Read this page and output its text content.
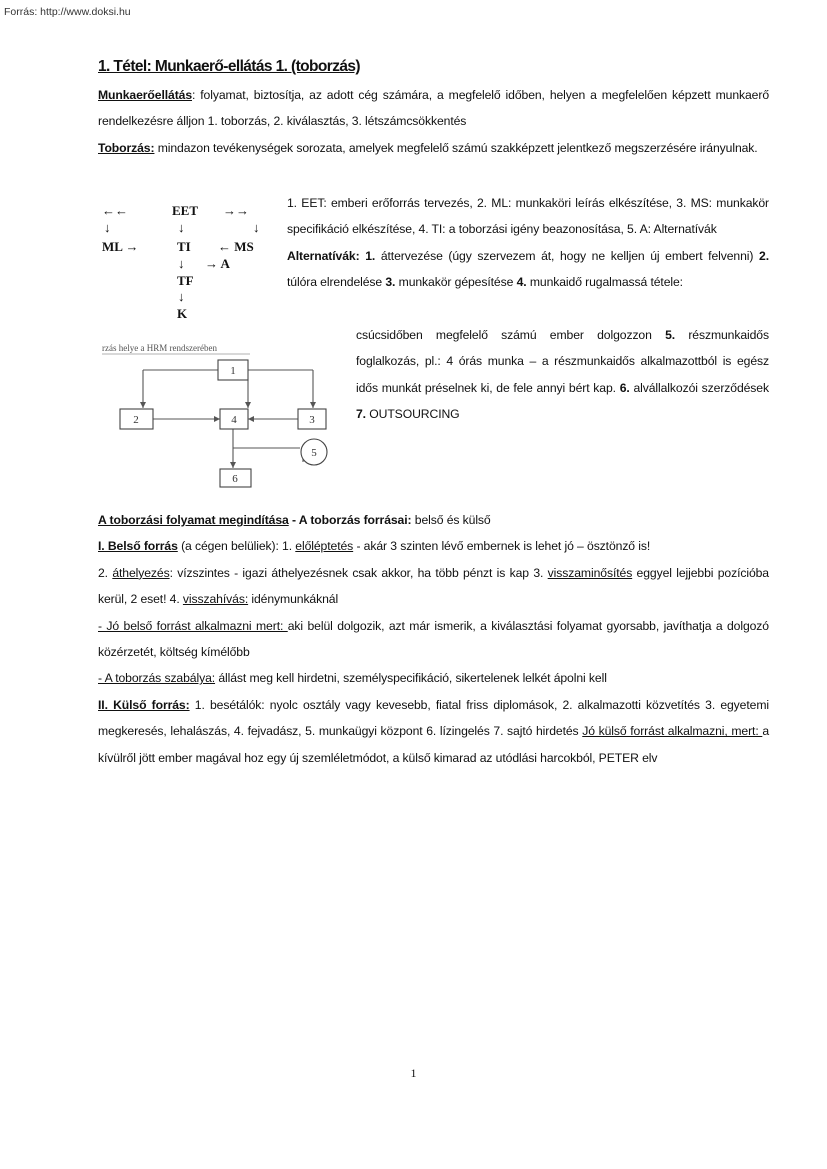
Forrás: http://www.doksi.hu
1. Tétel: Munkaerő-ellátás 1. (toborzás)

Munkaerőellátás: folyamat, biztosítja, az adott cég számára, a megfelelő időben, helyen a megfelelően képzett munkaerő rendelkezésre álljon 1. toborzás, 2. kiválasztás, 3. létszámcsökkentés

Toborzás: mindazon tevékenységek sorozata, amelyek megfelelő számú szakképzett jelentkező megszerzésére irányulnak.

←←	EET →→
↓	↓	↓
ML →	TI ← MS
↓ → A
TF
↓
K
rzás helye a HRM rendszerében
1
2	4	3
5
6

1. EET: emberi erőforrás tervezés, 2. ML: munkaköri leírás elkészítése, 3. MS: munkakör specifikáció elkészítése, 4. TI: a toborzási igény beazonosítása, 5. A: Alternatívák

Alternatívák: 1. áttervezése (úgy szervezem át, hogy ne kelljen új embert felvenni) 2. túlóra elrendelése 3. munkakör gépesítése 4. munkaidő rugalmassá tétele:

csúcsidőben megfelelő számú ember dolgozzon 5. részmunkaidős foglalkozás, pl.: 4 órás munka – a részmunkaidős alkalmazottból is egész idős munkát préselnek ki, de fele annyi bért kap. 6. alvállalkozói szerződések 7. OUTSOURCING

A toborzási folyamat megindítása - A toborzás forrásai: belső és külső

I. Belső forrás (a cégen belüliek): 1. előléptetés - akár 3 szinten lévő embernek is lehet jó – ösztönző is!

2. áthelyezés: vízszintes - igazi áthelyezésnek csak akkor, ha több pénzt is kap 3. visszaminősítés eggyel lejjebbi pozícióba kerül, 2 eset! 4. visszahívás: idénymunkáknál

- Jó belső forrást alkalmazni mert: aki belül dolgozik, azt már ismerik, a kiválasztási folyamat gyorsabb, javíthatja a dolgozó közérzetét, költség kímélőbb

- A toborzás szabálya: állást meg kell hirdetni, személyspecifikáció, sikertelenek lelkét ápolni kell

II. Külső forrás: 1. besétálók: nyolc osztály vagy kevesebb, fiatal friss diplomások, 2. alkalmazotti közvetítés 3. egyetemi megkeresés, lehalászás, 4. fejvadász, 5. munkaügyi központ 6. lízingelés 7. sajtó hirdetés Jó külső forrást alkalmazni, mert: a kívülről jött ember magával hoz egy új szemléletmódot, a külső kimarad az utódlási harcokból, PETER elv

1
